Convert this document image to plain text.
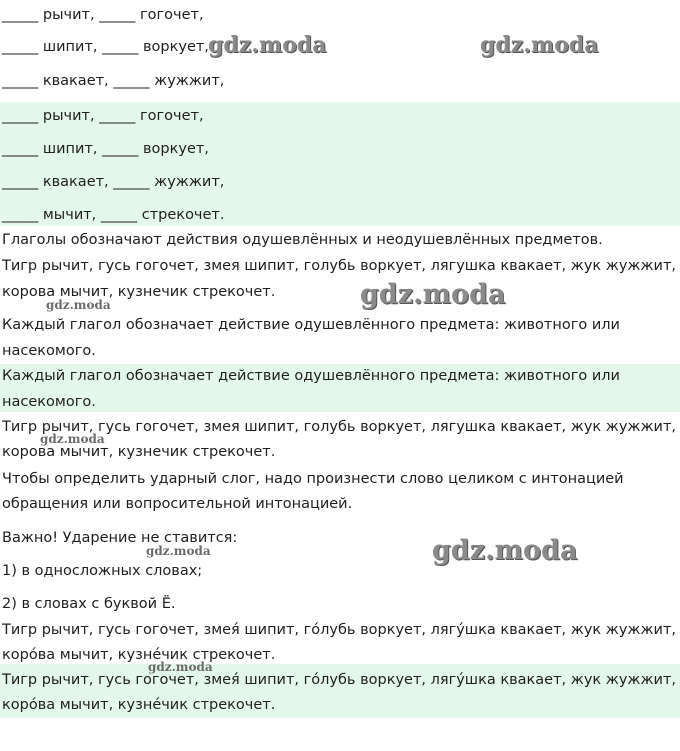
_____ рычит, _____ гогочет,
_____ шипит, _____ воркует,
_____ квакает, _____ жужжит,
_____ рычит, _____ гогочет,
_____ шипит, _____ воркует,
_____ квакает, _____ жужжит,
_____ мычит, _____ стрекочет.
Глаголы обозначают действия одушевлённых и неодушевлённых предметов.
Тигр рычит, гусь гогочет, змея шипит, голубь воркует, лягушка квакает, жук жужжит,
корова мычит, кузнечик стрекочет.
Каждый глагол обозначает действие одушевлённого предмета: животного или
насекомого.
Каждый глагол обозначает действие одушевлённого предмета: животного или
насекомого.
Тигр рычит, гусь гогочет, змея шипит, голубь воркует, лягушка квакает, жук жужжит,
корова мычит, кузнечик стрекочет.
Чтобы определить ударный слог, надо произнести слово целиком с интонацией
обращения или вопросительной интонацией.
Важно! Ударение не ставится:
1) в односложных словах;
2) в словах с буквой Ё.
Тигр рычит, гусь гогочет, змея́ шипит, го́лубь воркует, лягу́шка квакает, жук жужжит,
коро́ва мычит, кузне́чик стрекочет.
Тигр рычит, гусь гогочет, змея́ шипит, го́лубь воркует, лягу́шка квакает, жук жужжит,
коро́ва мычит, кузне́чик стрекочет.
gdz.moda	gdz.moda
gdz.moda
gdz.moda
gdz.moda
gdz.moda	gdz.moda
gdz.moda
